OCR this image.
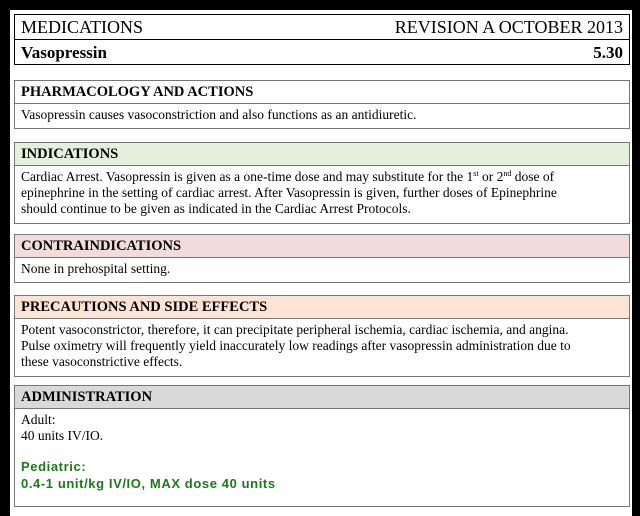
MEDICATIONS	REVISION A OCTOBER 2013
Vasopressin	5.30
PHARMACOLOGY AND ACTIONS
Vasopressin causes vasoconstriction and also functions as an antidiuretic.
INDICATIONS
Cardiac Arrest. Vasopressin is given as a one-time dose and may substitute for the 1st or 2nd dose of
epinephrine in the setting of cardiac arrest. After Vasopressin is given, further doses of Epinephrine
should continue to be given as indicated in the Cardiac Arrest Protocols.
CONTRAINDICATIONS
None in prehospital setting.
PRECAUTIONS AND SIDE EFFECTS
Potent vasoconstrictor, therefore, it can precipitate peripheral ischemia, cardiac ischemia, and angina.
Pulse oximetry will frequently yield inaccurately low readings after vasopressin administration due to
these vasoconstrictive effects.
ADMINISTRATION
Adult:
40 units IV/IO.
Pediatric:
0.4-1 unit/kg IV/IO, MAX dose 40 units
